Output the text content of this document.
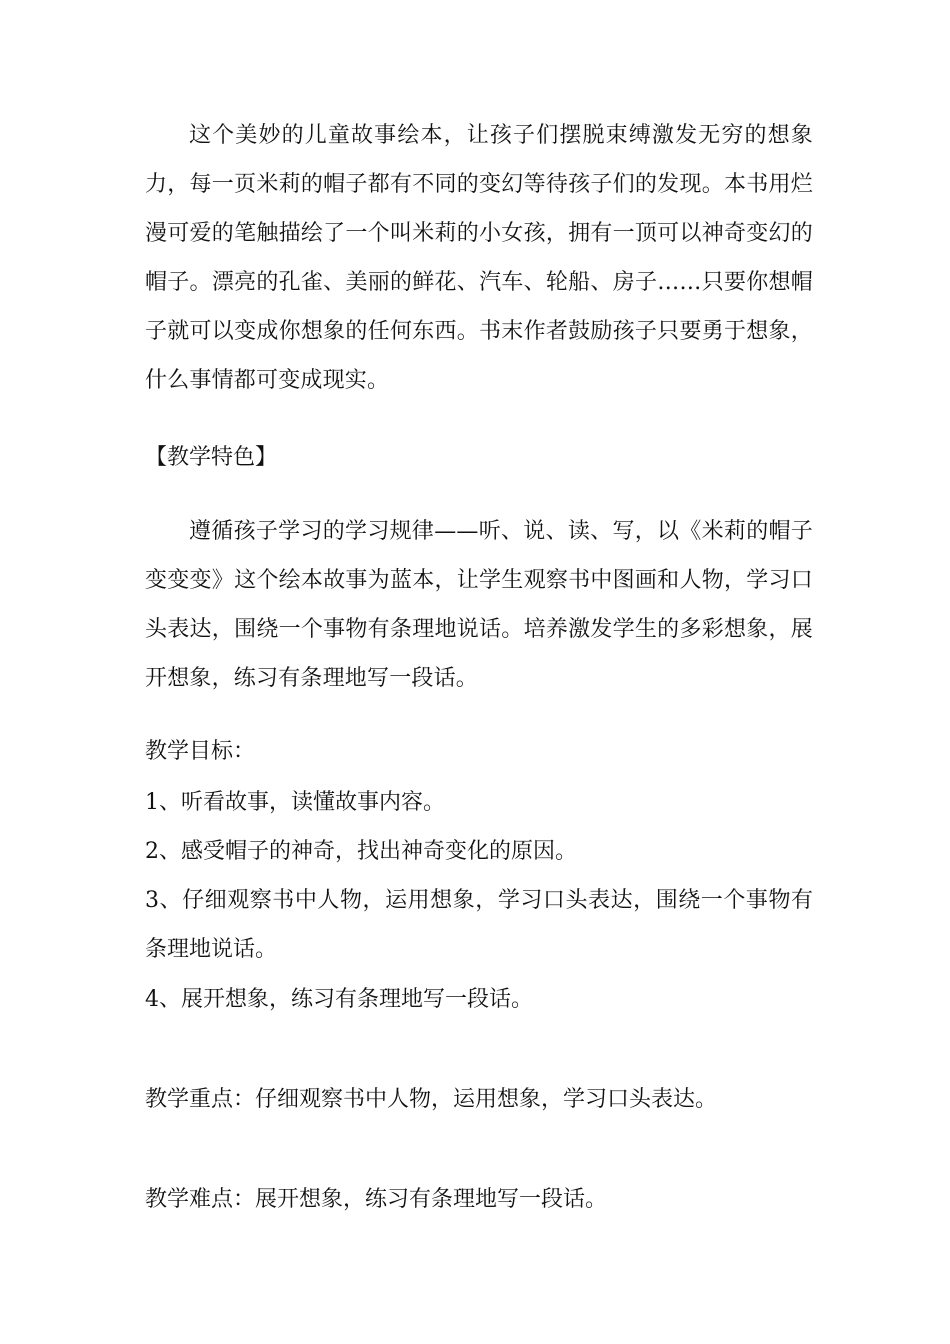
这个美妙的儿童故事绘本，让孩子们摆脱束缚激发无穷的想象力，每一页米莉的帽子都有不同的变幻等待孩子们的发现。本书用烂漫可爱的笔触描绘了一个叫米莉的小女孩，拥有一顶可以神奇变幻的帽子。漂亮的孔雀、美丽的鲜花、汽车、轮船、房子……只要你想帽子就可以变成你想象的任何东西。书末作者鼓励孩子只要勇于想象，什么事情都可变成现实。

【教学特色】

遵循孩子学习的学习规律——听、说、读、写，以《米莉的帽子变变变》这个绘本故事为蓝本，让学生观察书中图画和人物，学习口头表达，围绕一个事物有条理地说话。培养激发学生的多彩想象，展开想象，练习有条理地写一段话。

教学目标：

1、听看故事，读懂故事内容。

2、感受帽子的神奇，找出神奇变化的原因。

3、仔细观察书中人物，运用想象，学习口头表达，围绕一个事物有条理地说话。

4、展开想象，练习有条理地写一段话。

教学重点：仔细观察书中人物，运用想象，学习口头表达。

教学难点：展开想象，练习有条理地写一段话。
